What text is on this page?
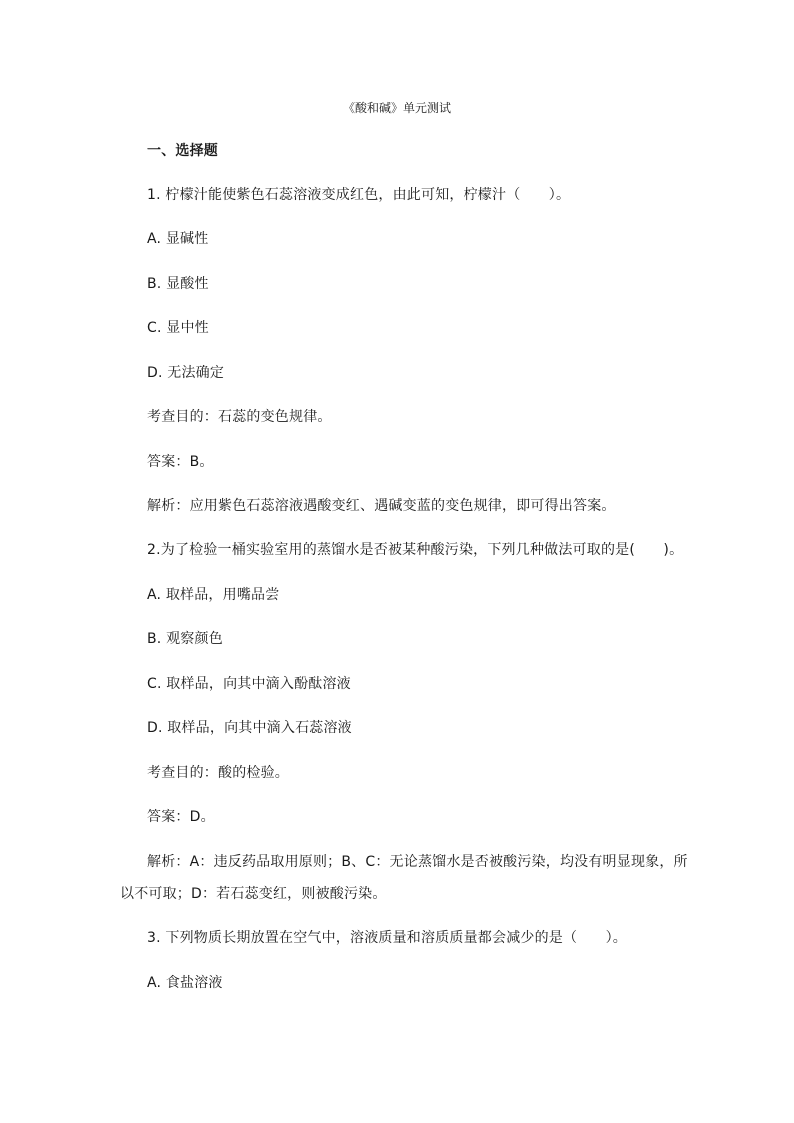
《酸和碱》单元测试
一、选择题
1. 柠檬汁能使紫色石蕊溶液变成红色，由此可知，柠檬汁（　　）。
A. 显碱性
B. 显酸性
C. 显中性
D. 无法确定
考查目的：石蕊的变色规律。
答案：B。
解析：应用紫色石蕊溶液遇酸变红、遇碱变蓝的变色规律，即可得出答案。
2.为了检验一桶实验室用的蒸馏水是否被某种酸污染，下列几种做法可取的是(　　)。
A. 取样品，用嘴品尝
B. 观察颜色
C. 取样品，向其中滴入酚酞溶液
D. 取样品，向其中滴入石蕊溶液
考查目的：酸的检验。
答案：D。
解析：A：违反药品取用原则；B、C：无论蒸馏水是否被酸污染，均没有明显现象，所
以不可取；D：若石蕊变红，则被酸污染。
3. 下列物质长期放置在空气中，溶液质量和溶质质量都会减少的是（　　）。
A. 食盐溶液
